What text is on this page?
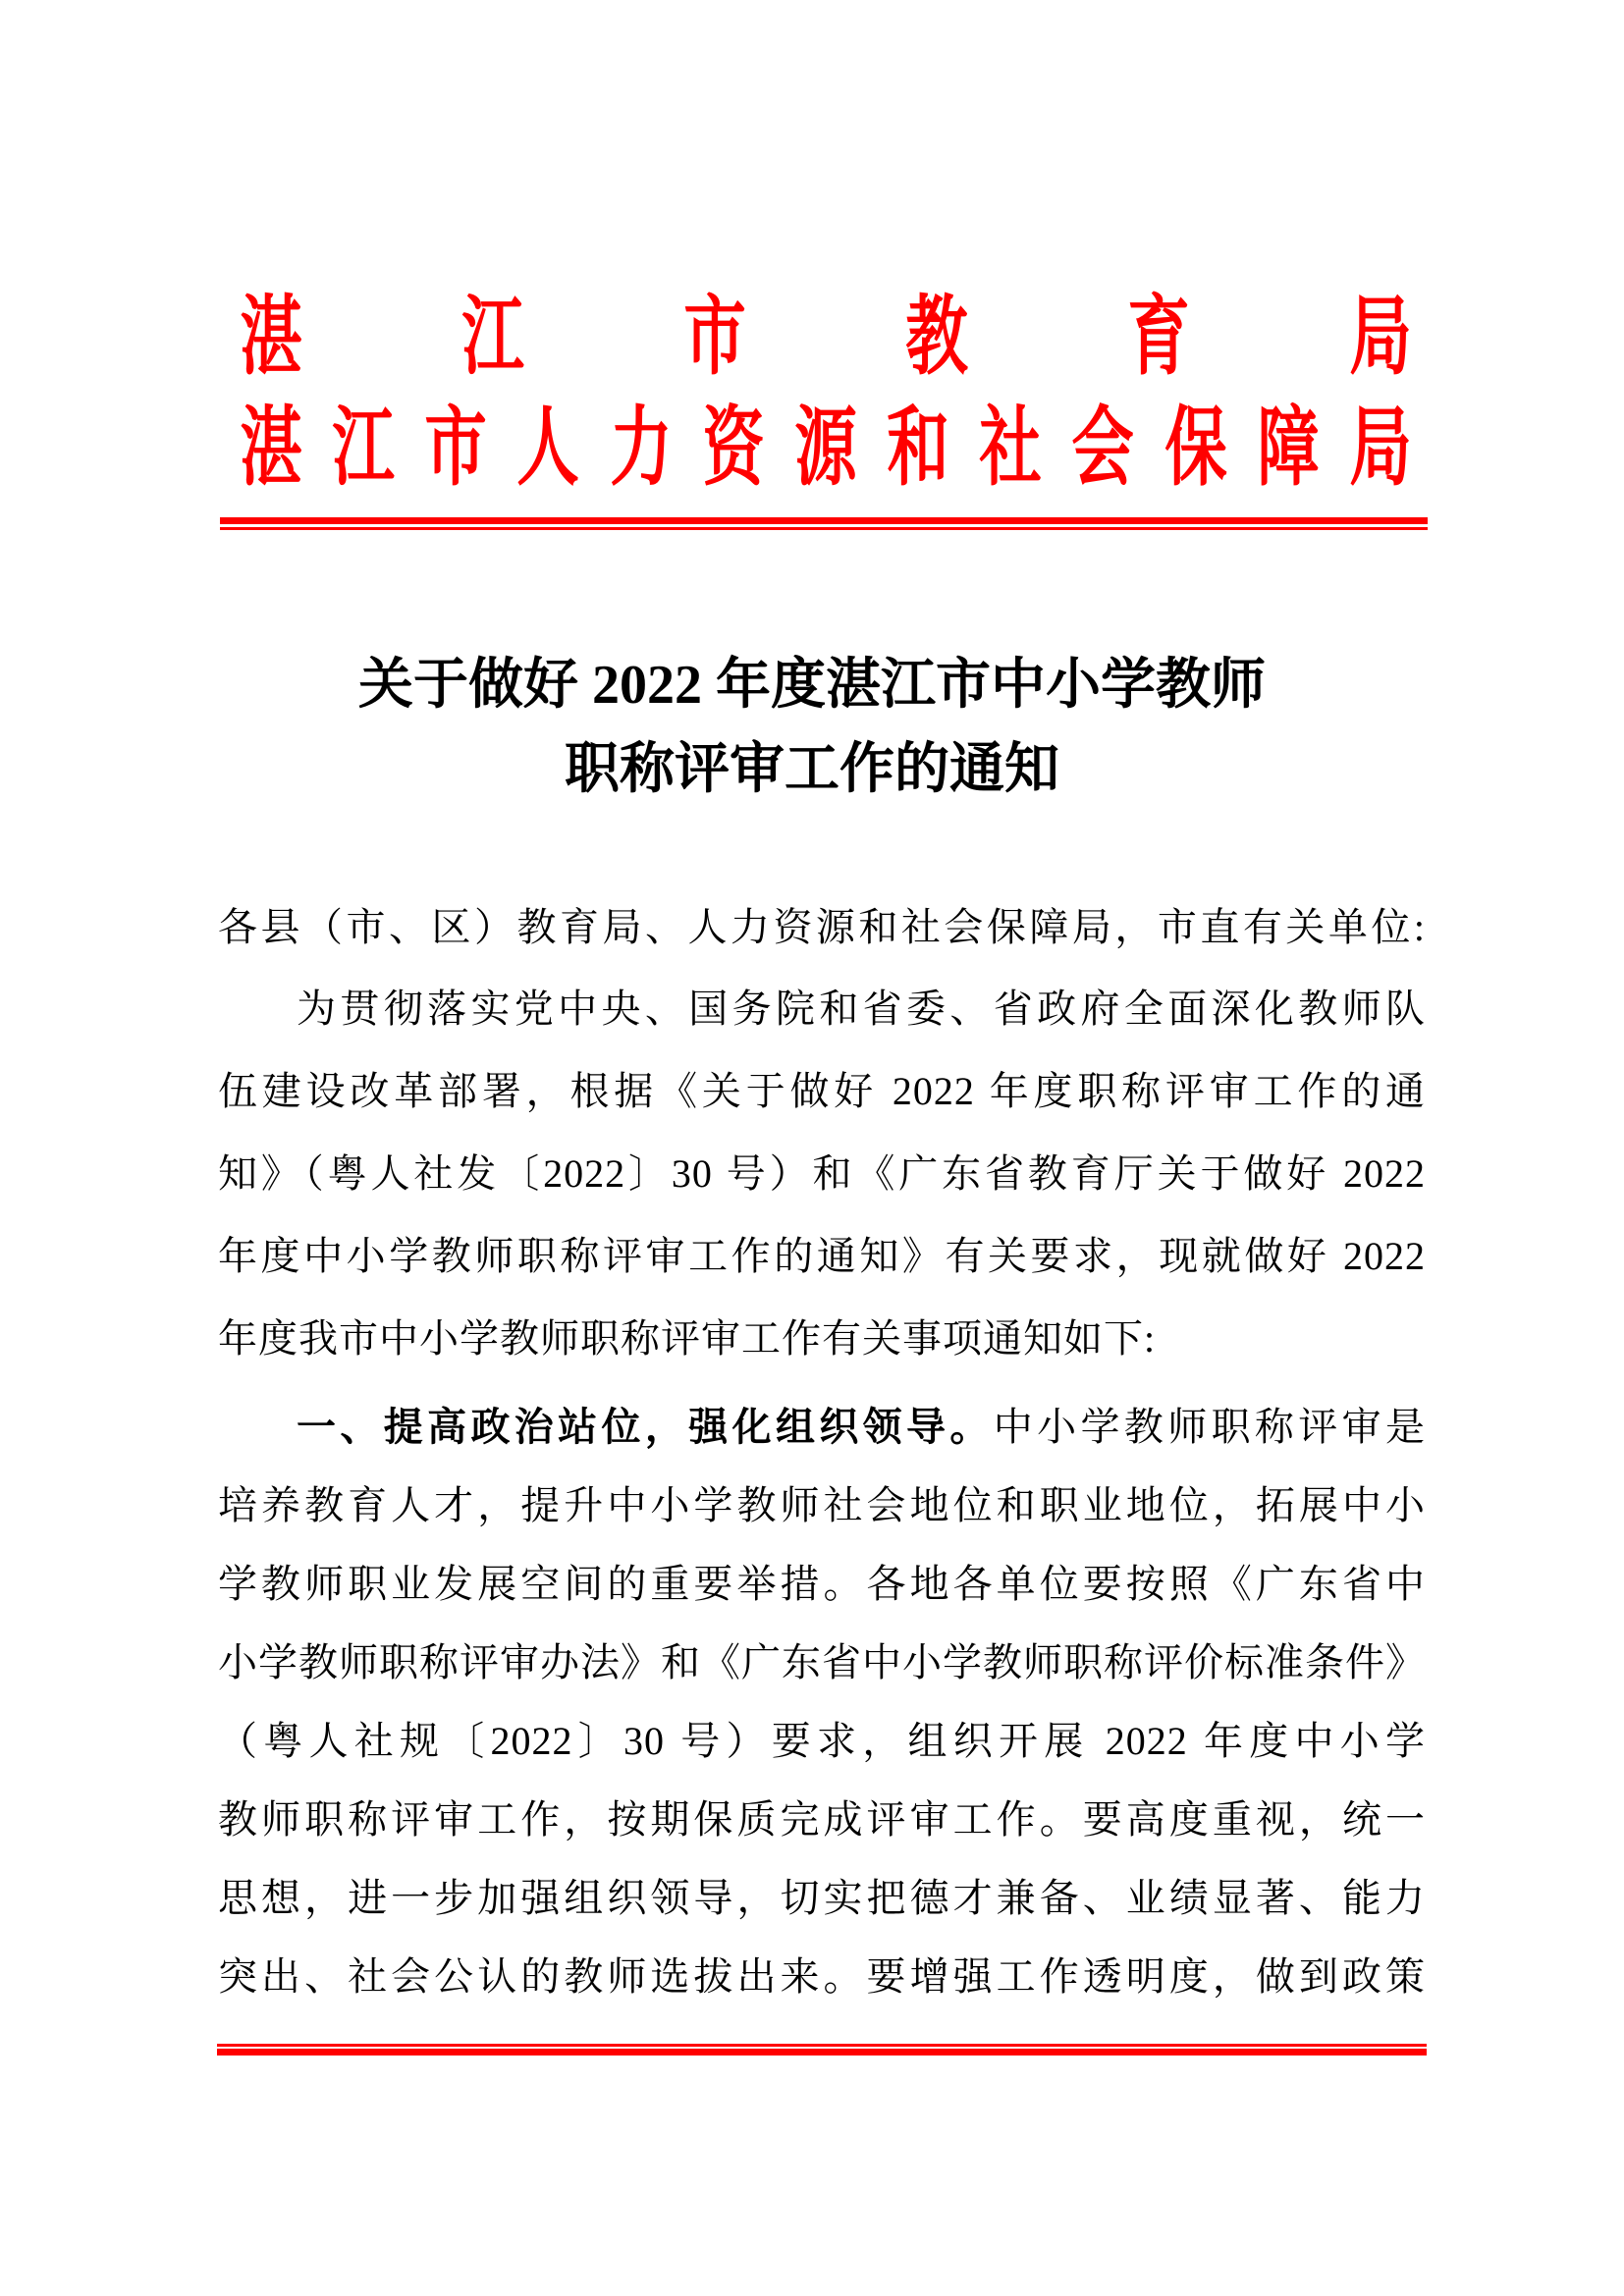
湛 江 市 教 育 局
湛 江 市 人 力 资 源 和 社 会 保 障 局
关于做好 2022 年度湛江市中小学教师
职称评审工作的通知
各县（市、区）教育局、人力资源和社会保障局，市直有关单位:
为贯彻落实党中央、国务院和省委、省政府全面深化教师队
伍建设改革部署，根据《关于做好 2022 年度职称评审工作的通
知》（粤人社发〔2022〕30 号）和《广东省教育厅关于做好 2022
年度中小学教师职称评审工作的通知》有关要求，现就做好 2022
年度我市中小学教师职称评审工作有关事项通知如下:
一、提高政治站位，强化组织领导。中小学教师职称评审是
培养教育人才，提升中小学教师社会地位和职业地位，拓展中小
学教师职业发展空间的重要举措。各地各单位要按照《广东省中
小学教师职称评审办法》和《广东省中小学教师职称评价标准条件》
（粤人社规〔2022〕30 号）要求，组织开展 2022 年度中小学
教师职称评审工作，按期保质完成评审工作。要高度重视，统一
思想，进一步加强组织领导，切实把德才兼备、业绩显著、能力
突出、社会公认的教师选拔出来。要增强工作透明度，做到政策
